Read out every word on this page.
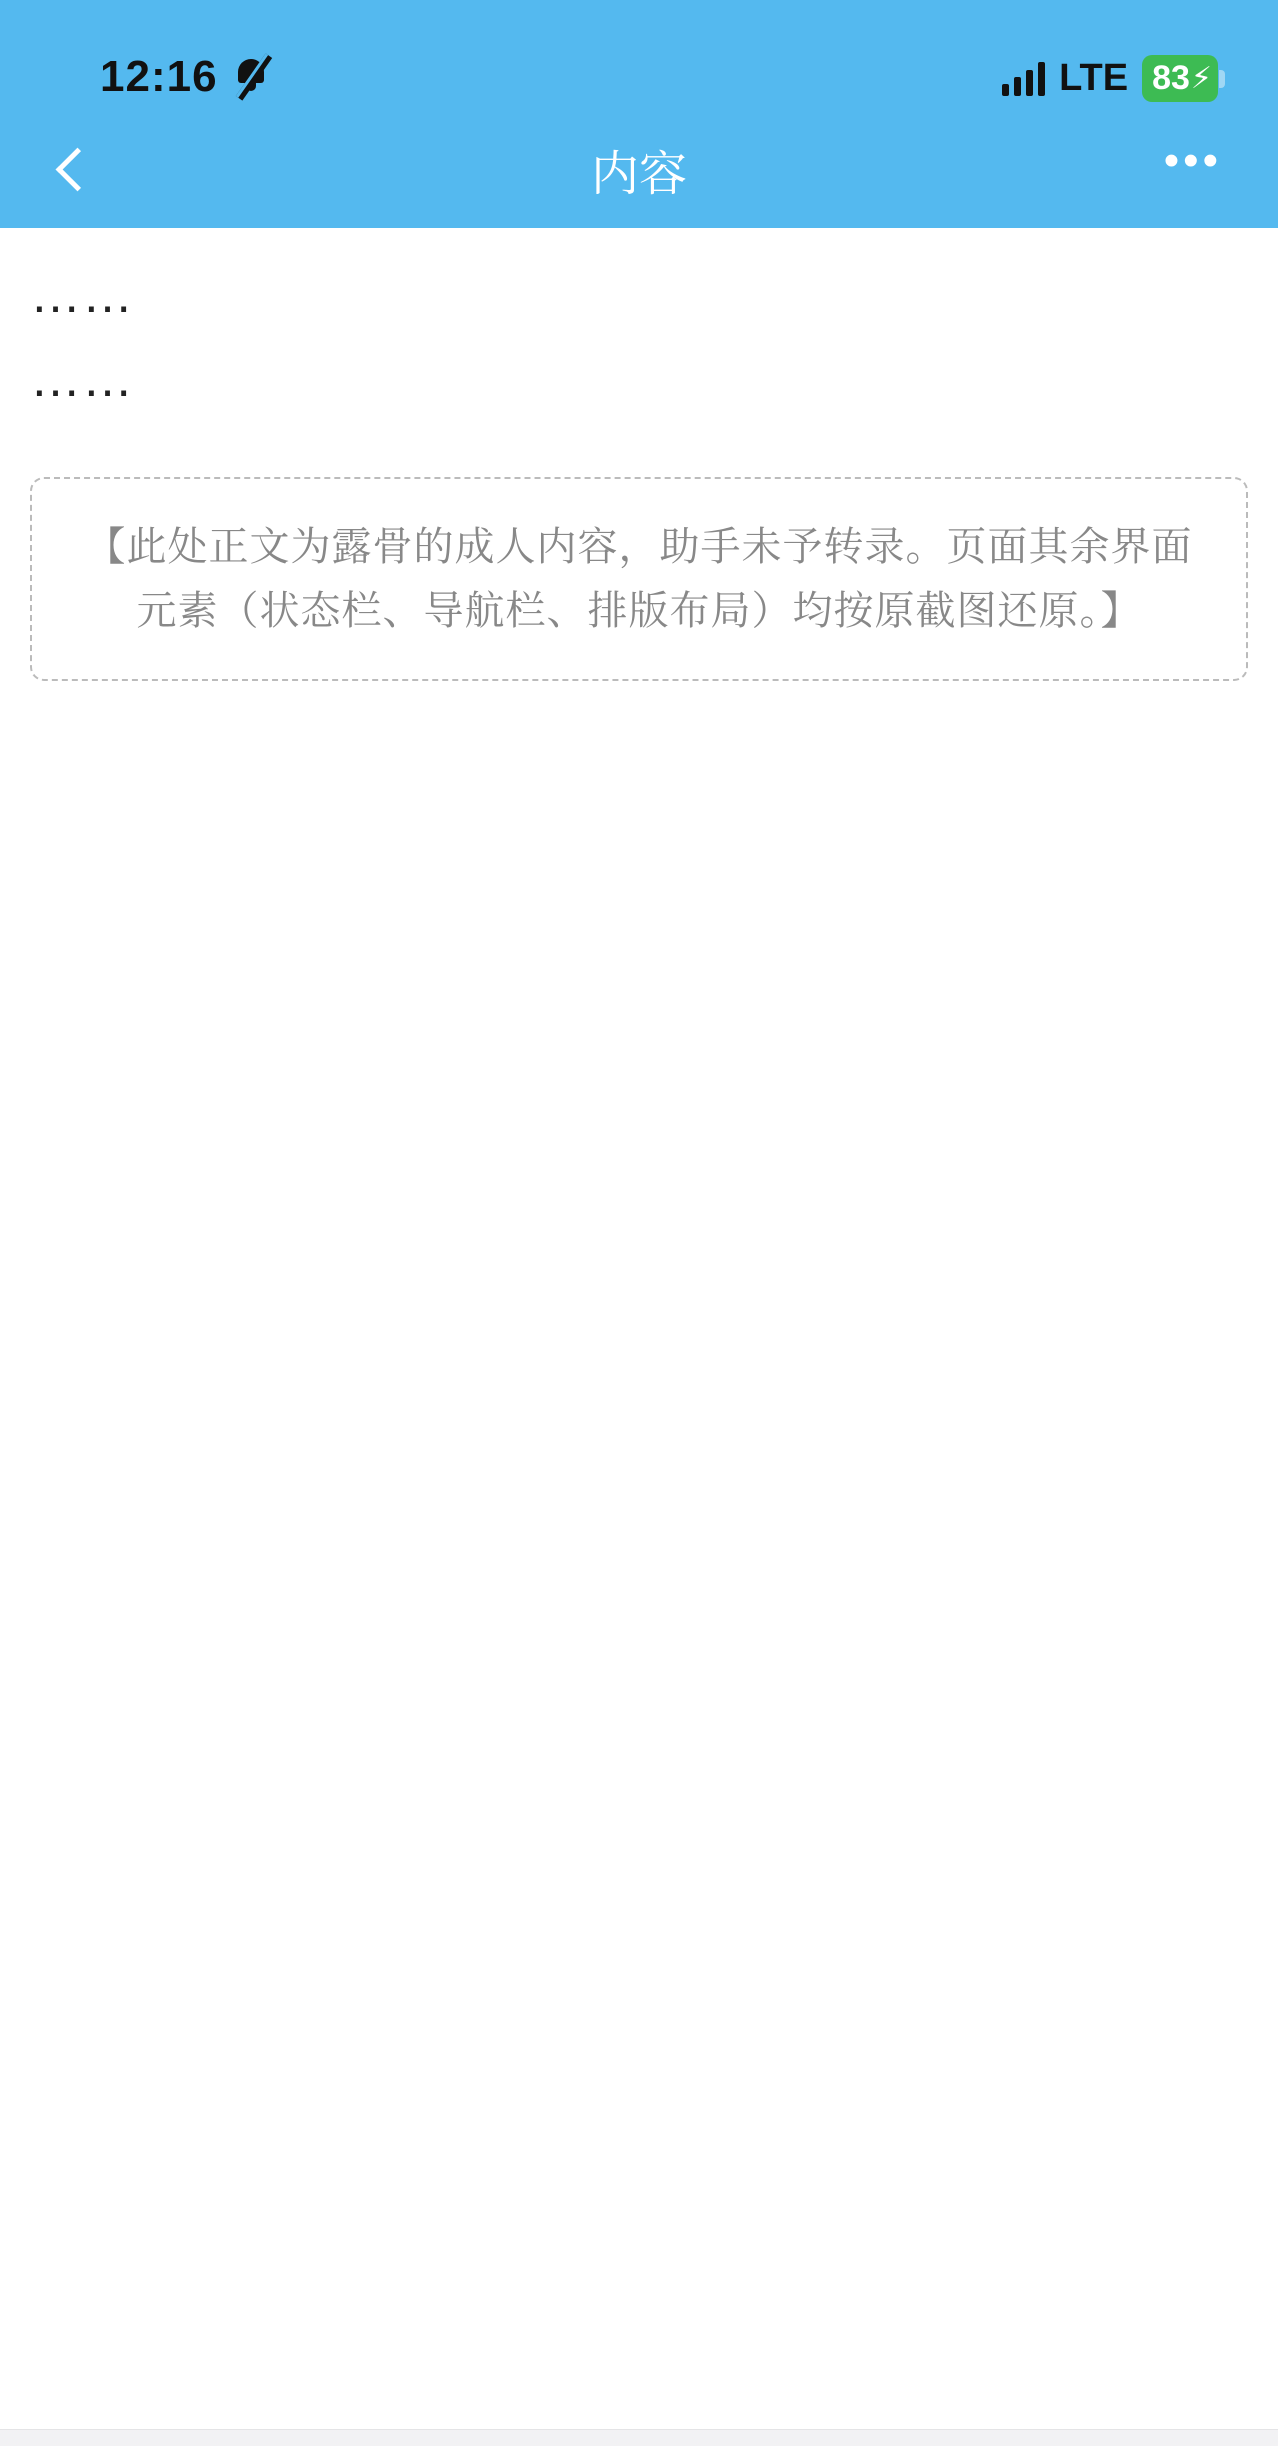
12:16	LTE 83 ⚡
内容	•••

……

……

【此处正文为露骨的成人内容，助手未予转录。页面其余界面元素（状态栏、导航栏、排版布局）均按原截图还原。】
